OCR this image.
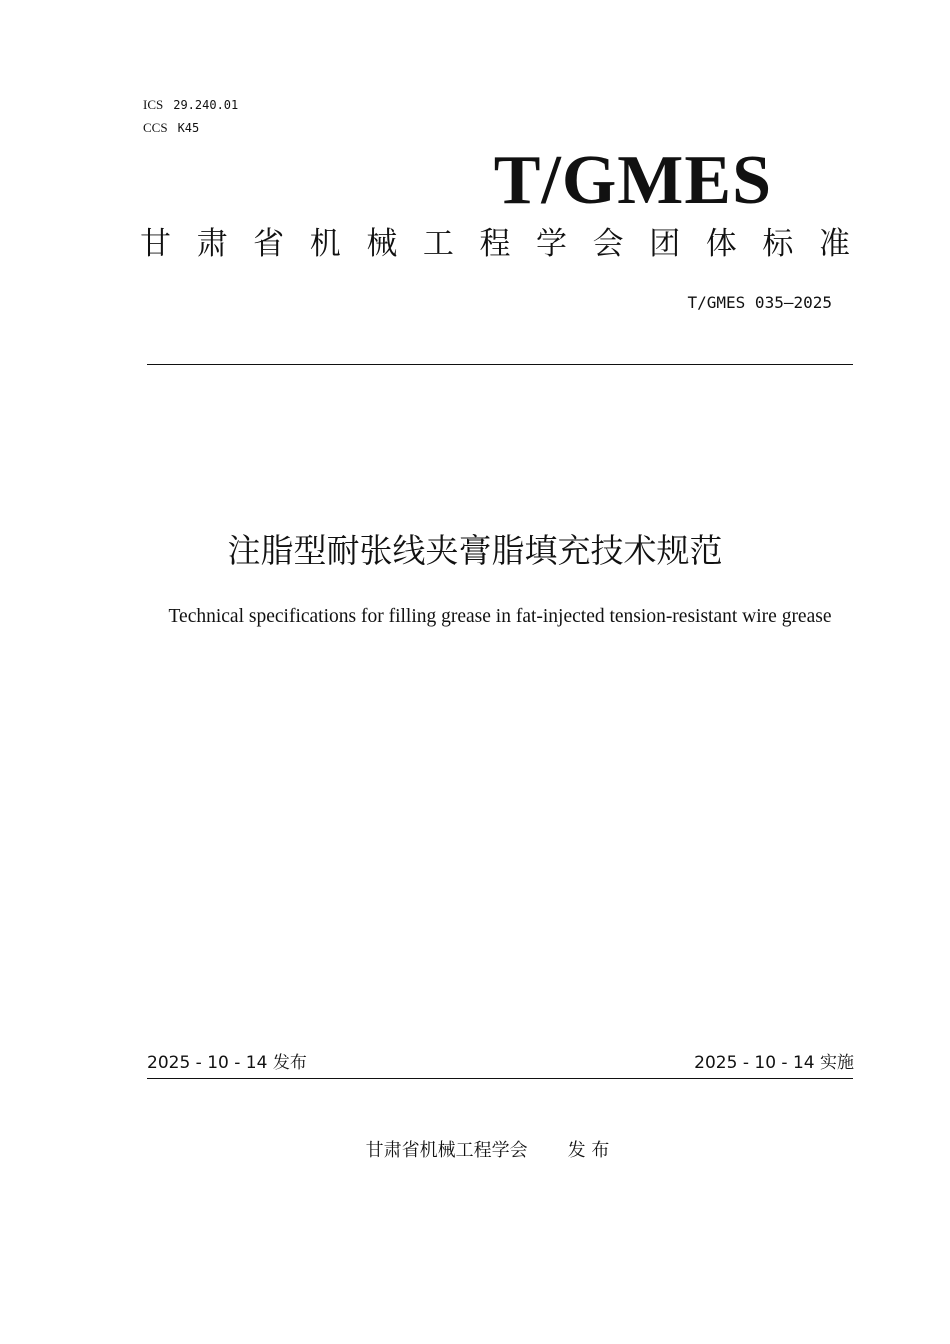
ICS 29.240.01
CCS K45
T/GMES
甘 肃 省 机 械 工 程 学 会 团 体 标 准
T/GMES 035—2025
注脂型耐张线夹膏脂填充技术规范
Technical specifications for filling grease in fat-injected tension-resistant wire grease
2025 - 10 - 14 发布	2025 - 10 - 14 实施
甘肃省机械工程学会 发 布
